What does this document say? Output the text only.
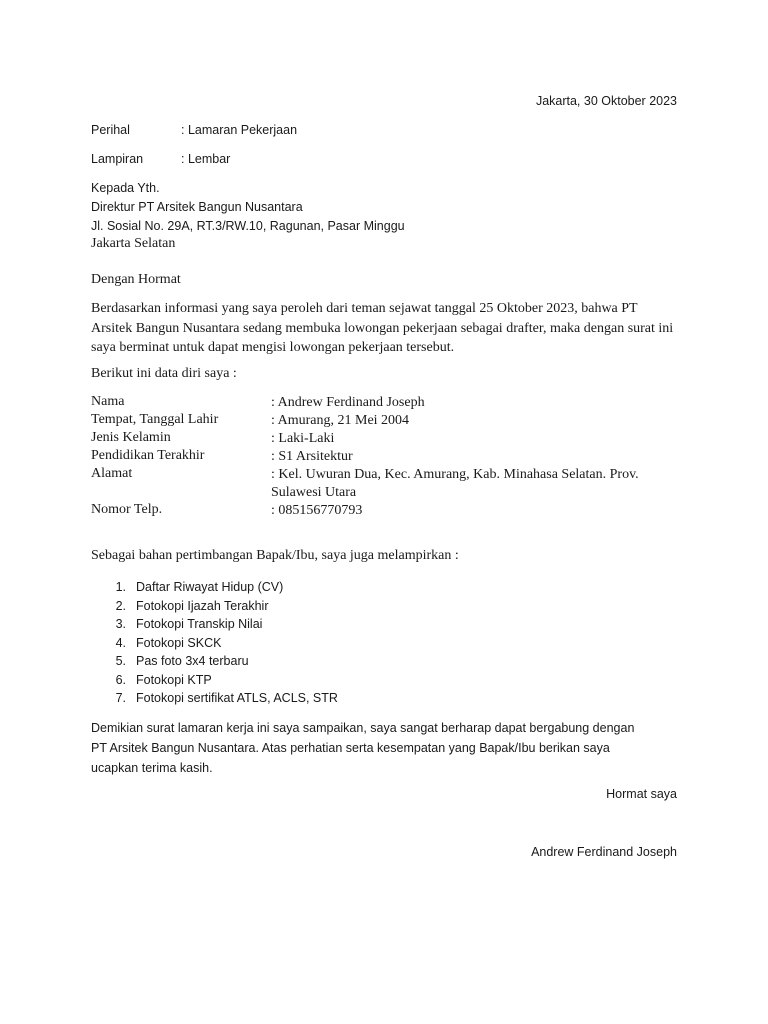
Jakarta, 30 Oktober 2023
Perihal	: Lamaran Pekerjaan
Lampiran	: Lembar
Kepada Yth.
Direktur PT Arsitek Bangun Nusantara
Jl. Sosial No. 29A, RT.3/RW.10, Ragunan, Pasar Minggu
Jakarta Selatan
Dengan Hormat
Berdasarkan informasi yang saya peroleh dari teman sejawat tanggal 25 Oktober 2023, bahwa PT Arsitek Bangun Nusantara sedang membuka lowongan pekerjaan sebagai drafter, maka dengan surat ini saya berminat untuk dapat mengisi lowongan pekerjaan tersebut.
Berikut ini data diri saya :
Nama	: Andrew Ferdinand Joseph
Tempat, Tanggal Lahir	: Amurang, 21 Mei 2004
Jenis Kelamin	: Laki-Laki
Pendidikan Terakhir	: S1 Arsitektur
Alamat	: Kel. Uwuran Dua, Kec. Amurang, Kab. Minahasa Selatan. Prov. Sulawesi Utara
Nomor Telp.	: 085156770793
Sebagai bahan pertimbangan Bapak/Ibu, saya juga melampirkan :
1. Daftar Riwayat Hidup (CV)
2. Fotokopi Ijazah Terakhir
3. Fotokopi Transkip Nilai
4. Fotokopi SKCK
5. Pas foto 3x4 terbaru
6. Fotokopi KTP
7. Fotokopi sertifikat ATLS, ACLS, STR
Demikian surat lamaran kerja ini saya sampaikan, saya sangat berharap dapat bergabung dengan PT Arsitek Bangun Nusantara. Atas perhatian serta kesempatan yang Bapak/Ibu berikan saya ucapkan terima kasih.
Hormat saya
Andrew Ferdinand Joseph
